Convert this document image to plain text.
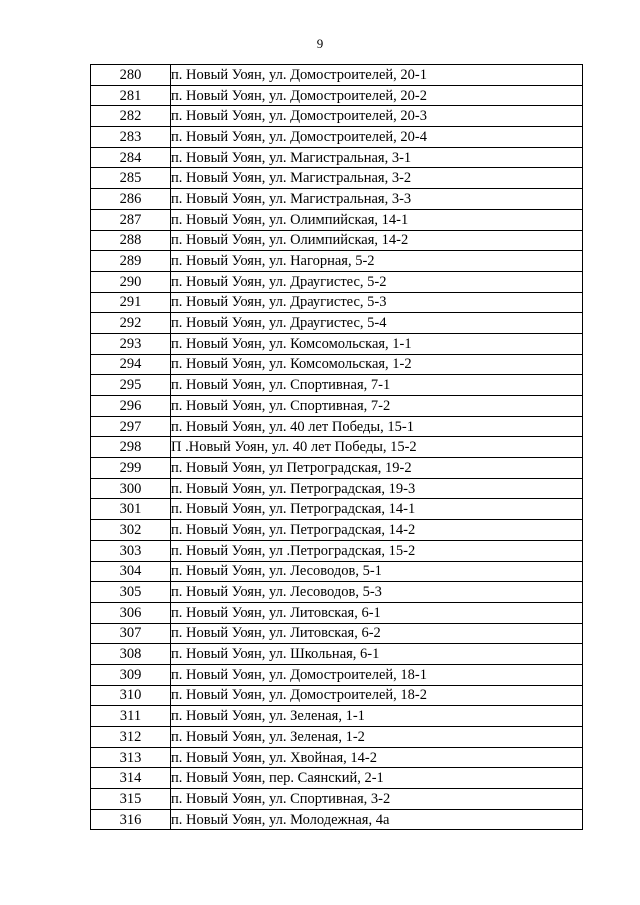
9
280	п. Новый Уоян, ул. Домостроителей, 20-1
281	п. Новый Уоян, ул. Домостроителей, 20-2
282	п. Новый Уоян, ул. Домостроителей, 20-3
283	п. Новый Уоян, ул. Домостроителей, 20-4
284	п. Новый Уоян, ул. Магистральная, 3-1
285	п. Новый Уоян, ул. Магистральная, 3-2
286	п. Новый Уоян, ул. Магистральная, 3-3
287	п. Новый Уоян, ул. Олимпийская, 14-1
288	п. Новый Уоян, ул. Олимпийская, 14-2
289	п. Новый Уоян, ул. Нагорная, 5-2
290	п. Новый Уоян, ул. Драугистес, 5-2
291	п. Новый Уоян, ул. Драугистес, 5-3
292	п. Новый Уоян, ул. Драугистес, 5-4
293	п. Новый Уоян, ул. Комсомольская, 1-1
294	п. Новый Уоян, ул. Комсомольская, 1-2
295	п. Новый Уоян, ул. Спортивная, 7-1
296	п. Новый Уоян, ул. Спортивная, 7-2
297	п. Новый Уоян, ул. 40 лет Победы, 15-1
298	П .Новый Уоян, ул. 40 лет Победы, 15-2
299	п. Новый Уоян, ул Петроградская, 19-2
300	п. Новый Уоян, ул. Петроградская, 19-3
301	п. Новый Уоян, ул. Петроградская, 14-1
302	п. Новый Уоян, ул. Петроградская, 14-2
303	п. Новый Уоян, ул .Петроградская, 15-2
304	п. Новый Уоян, ул. Лесоводов, 5-1
305	п. Новый Уоян, ул. Лесоводов, 5-3
306	п. Новый Уоян, ул. Литовская, 6-1
307	п. Новый Уоян, ул. Литовская, 6-2
308	п. Новый Уоян, ул. Школьная, 6-1
309	п. Новый Уоян, ул. Домостроителей, 18-1
310	п. Новый Уоян, ул. Домостроителей, 18-2
311	п. Новый Уоян, ул. Зеленая, 1-1
312	п. Новый Уоян, ул. Зеленая, 1-2
313	п. Новый Уоян, ул. Хвойная, 14-2
314	п. Новый Уоян, пер. Саянский, 2-1
315	п. Новый Уоян, ул. Спортивная, 3-2
316	п. Новый Уоян, ул. Молодежная, 4а
